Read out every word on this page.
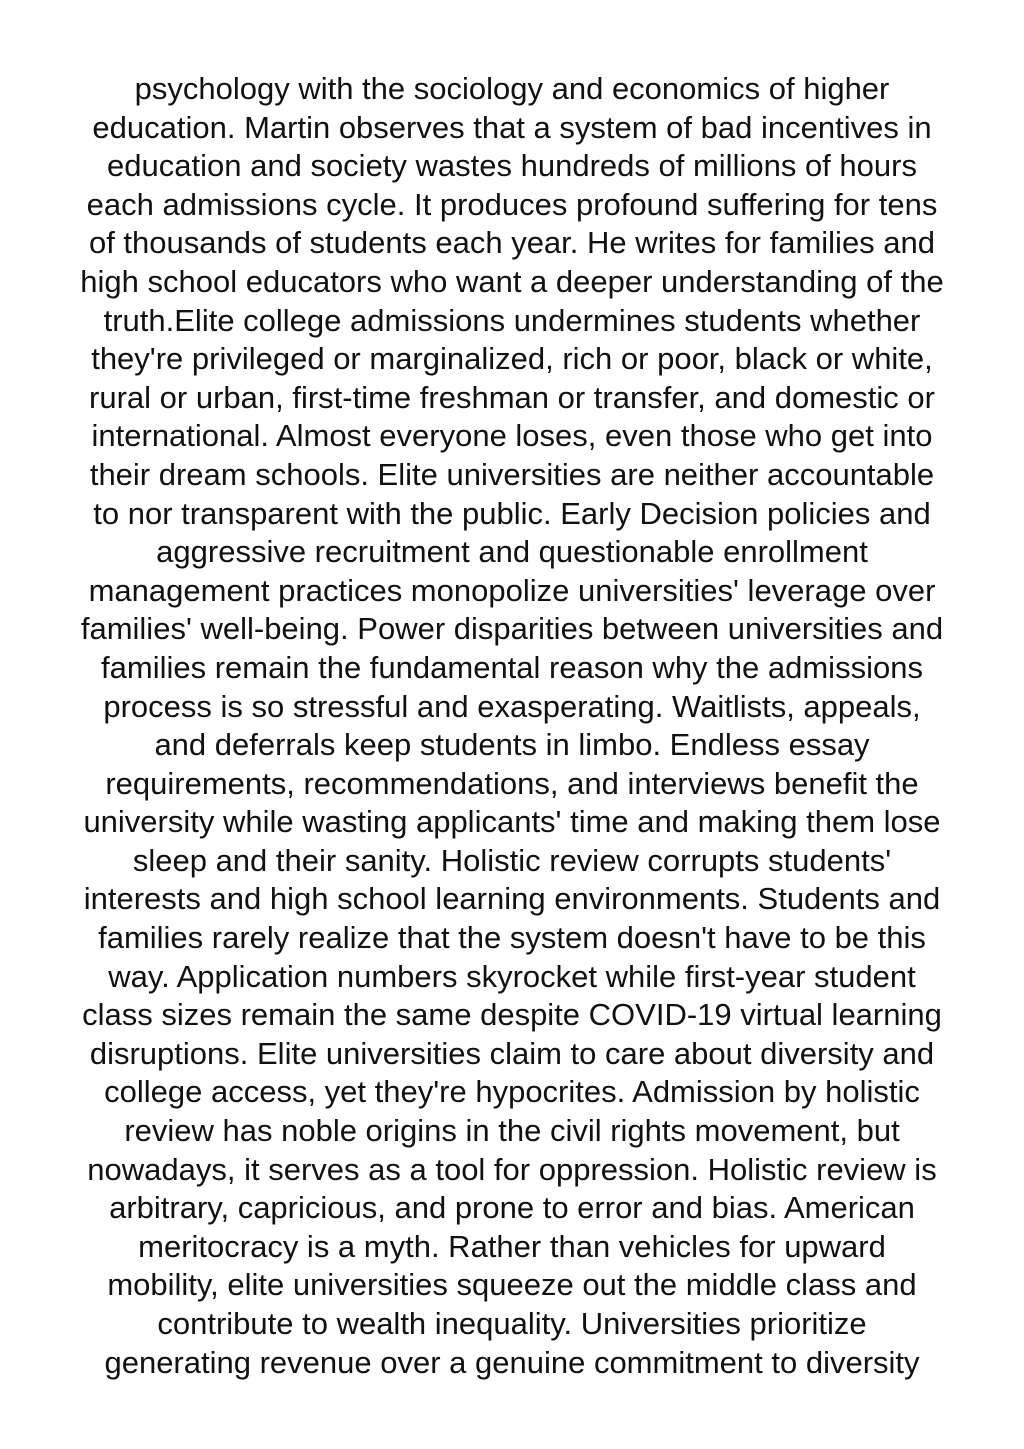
psychology with the sociology and economics of higher
education. Martin observes that a system of bad incentives in
education and society wastes hundreds of millions of hours
each admissions cycle. It produces profound suffering for tens
of thousands of students each year. He writes for families and
high school educators who want a deeper understanding of the
truth.Elite college admissions undermines students whether
they're privileged or marginalized, rich or poor, black or white,
rural or urban, first-time freshman or transfer, and domestic or
international. Almost everyone loses, even those who get into
their dream schools. Elite universities are neither accountable
to nor transparent with the public. Early Decision policies and
aggressive recruitment and questionable enrollment
management practices monopolize universities' leverage over
families' well-being. Power disparities between universities and
families remain the fundamental reason why the admissions
process is so stressful and exasperating. Waitlists, appeals,
and deferrals keep students in limbo. Endless essay
requirements, recommendations, and interviews benefit the
university while wasting applicants' time and making them lose
sleep and their sanity. Holistic review corrupts students'
interests and high school learning environments. Students and
families rarely realize that the system doesn't have to be this
way. Application numbers skyrocket while first-year student
class sizes remain the same despite COVID-19 virtual learning
disruptions. Elite universities claim to care about diversity and
college access, yet they're hypocrites. Admission by holistic
review has noble origins in the civil rights movement, but
nowadays, it serves as a tool for oppression. Holistic review is
arbitrary, capricious, and prone to error and bias. American
meritocracy is a myth. Rather than vehicles for upward
mobility, elite universities squeeze out the middle class and
contribute to wealth inequality. Universities prioritize
generating revenue over a genuine commitment to diversity
